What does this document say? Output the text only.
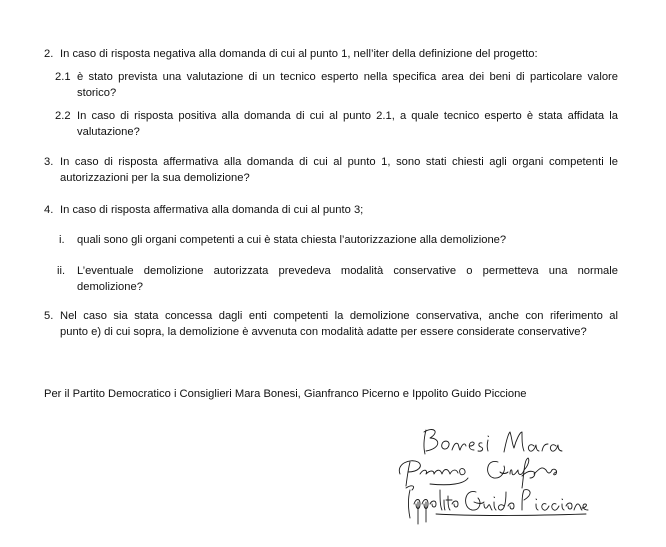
2. In caso di risposta negativa alla domanda di cui al punto 1, nell’iter della definizione del progetto:
2.1 è stato prevista una valutazione di un tecnico esperto nella specifica area dei beni di particolare valore
storico?
2.2 In caso di risposta positiva alla domanda di cui al punto 2.1, a quale tecnico esperto è stata affidata la
valutazione?
3. In caso di risposta affermativa alla domanda di cui al punto 1, sono stati chiesti agli organi competenti le
autorizzazioni per la sua demolizione?
4. In caso di risposta affermativa alla domanda di cui al punto 3;
i. quali sono gli organi competenti a cui è stata chiesta l’autorizzazione alla demolizione?
ii. L’eventuale demolizione autorizzata prevedeva modalità conservative o permetteva una normale
demolizione?
5. Nel caso sia stata concessa dagli enti competenti la demolizione conservativa, anche con riferimento al
punto e) di cui sopra, la demolizione è avvenuta con modalità adatte per essere considerate conservative?
Per il Partito Democratico i Consiglieri Mara Bonesi, Gianfranco Picerno e Ippolito Guido Piccione
